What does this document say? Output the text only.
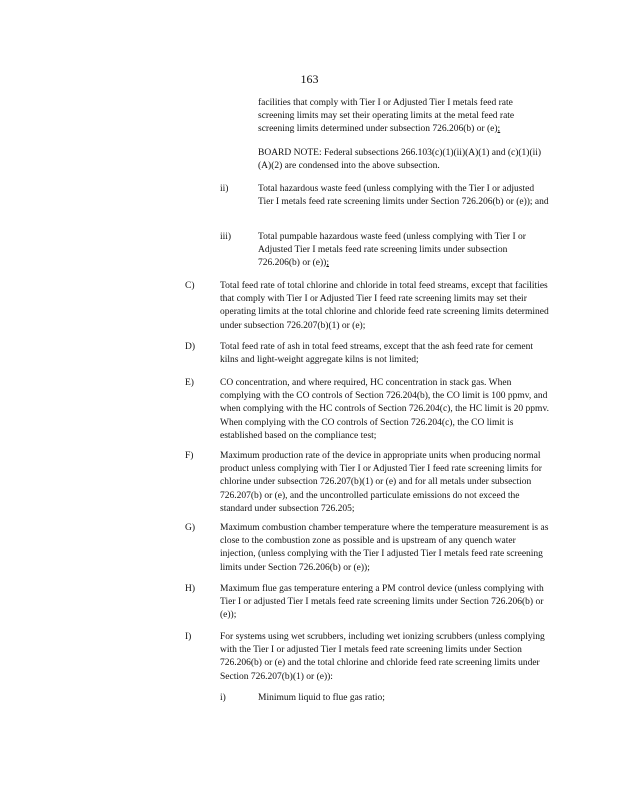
163
facilities that comply with Tier I or Adjusted Tier I metals feed rate screening limits may set their operating limits at the metal feed rate screening limits determined under subsection 726.206(b) or (e);
BOARD NOTE: Federal subsections 266.103(c)(1)(ii)(A)(1) and (c)(1)(ii)(A)(2) are condensed into the above subsection.
ii)	Total hazardous waste feed (unless complying with the Tier I or adjusted Tier I metals feed rate screening limits under Section 726.206(b) or (e)); and
iii)	Total pumpable hazardous waste feed (unless complying with Tier I or Adjusted Tier I metals feed rate screening limits under subsection 726.206(b) or (e));
C)	Total feed rate of total chlorine and chloride in total feed streams, except that facilities that comply with Tier I or Adjusted Tier I feed rate screening limits may set their operating limits at the total chlorine and chloride feed rate screening limits determined under subsection 726.207(b)(1) or (e);
D)	Total feed rate of ash in total feed streams, except that the ash feed rate for cement kilns and light-weight aggregate kilns is not limited;
E)	CO concentration, and where required, HC concentration in stack gas. When complying with the CO controls of Section 726.204(b), the CO limit is 100 ppmv, and when complying with the HC controls of Section 726.204(c), the HC limit is 20 ppmv. When complying with the CO controls of Section 726.204(c), the CO limit is established based on the compliance test;
F)	Maximum production rate of the device in appropriate units when producing normal product unless complying with Tier I or Adjusted Tier I feed rate screening limits for chlorine under subsection 726.207(b)(1) or (e) and for all metals under subsection 726.207(b) or (e), and the uncontrolled particulate emissions do not exceed the standard under subsection 726.205;
G)	Maximum combustion chamber temperature where the temperature measurement is as close to the combustion zone as possible and is upstream of any quench water injection, (unless complying with the Tier I adjusted Tier I metals feed rate screening limits under Section 726.206(b) or (e));
H)	Maximum flue gas temperature entering a PM control device (unless complying with Tier I or adjusted Tier I metals feed rate screening limits under Section 726.206(b) or (e));
I)	For systems using wet scrubbers, including wet ionizing scrubbers (unless complying with the Tier I or adjusted Tier I metals feed rate screening limits under Section 726.206(b) or (e) and the total chlorine and chloride feed rate screening limits under Section 726.207(b)(1) or (e)):
i)	Minimum liquid to flue gas ratio;
